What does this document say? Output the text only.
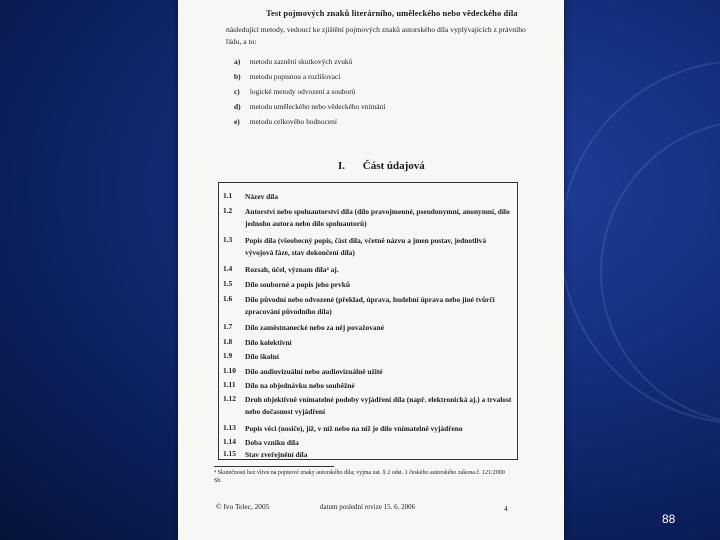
Test pojmových znaků literárního, uměleckého nebo vědeckého díla
následující metody, vedoucí ke zjištění pojmových znaků autorského díla vyplývajících z právního řádu, a to:
a) metodu zaznění skutkových zvuků
b) metodu popisnou a rozlišovací
c) logické metody odvození a souborů
d) metodu uměleckého nebo vědeckého vnímání
e) metodu celkového hodnocení
I. Část údajová
1.1	Název díla
1.2	Autorství nebo spoluautorství díla (dílo pravojmenné, pseudonymní, anonymní, dílo jednoho autora nebo dílo spoluautorů)
1.3	Popis díla (všeobecný popis, část díla, včetně názvu a jmen postav, jednotlivá vývojová fáze, stav dokončení díla)
1.4	Rozsah, účel, význam díla⁴ aj.
1.5	Dílo souborné a popis jeho prvků
1.6	Dílo původní nebo odvozené (překlad, úprava, hudební úprava nebo jiné tvůrčí zpracování původního díla)
1.7	Dílo zaměstnanecké nebo za něj považované
1.8	Dílo kolektivní
1.9	Dílo školní
1.10	Dílo audiovizuální nebo audiovizuálně užité
1.11	Dílo na objednávku nebo souběžné
1.12	Druh objektivně vnímatelné podoby vyjádření díla (např. elektronická aj.) a trvalost nebo dočasnost vyjádření
1.13	Popis věci (nosiče), jíž, v níž nebo na níž je dílo vnímatelně vyjádřeno
1.14	Doba vzniku díla
1.15	Stav zveřejnění díla
⁴ Skutečnosti bez vlivu na pojmové znaky autorského díla; vyjma ust. § 2 odst. 1 českého autorského zákona č. 121/2000 Sb.
© Ivo Telec, 2005	datum poslední revize 15. 6. 2006	4
88
